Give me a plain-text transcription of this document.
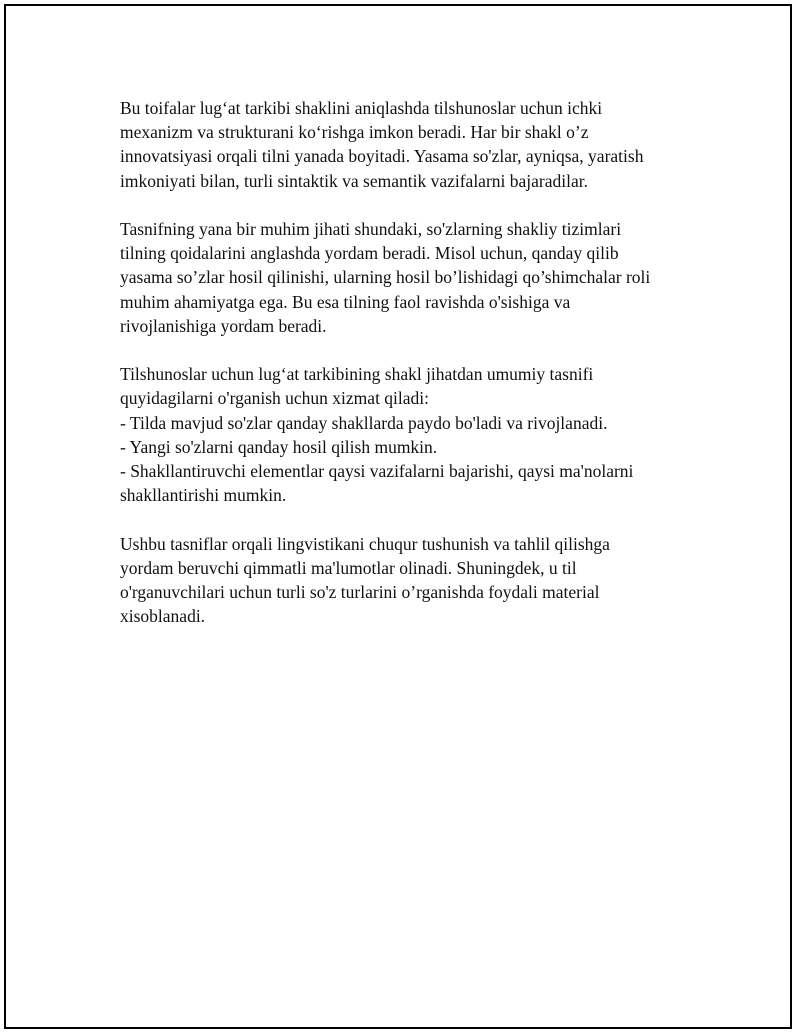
Bu toifalar lug‘at tarkibi shaklini aniqlashda tilshunoslar uchun ichki
mexanizm va strukturani ko‘rishga imkon beradi. Har bir shakl o’z
innovatsiyasi orqali tilni yanada boyitadi. Yasama so'zlar, ayniqsa, yaratish
imkoniyati bilan, turli sintaktik va semantik vazifalarni bajaradilar.

Tasnifning yana bir muhim jihati shundaki, so'zlarning shakliy tizimlari
tilning qoidalarini anglashda yordam beradi. Misol uchun, qanday qilib
yasama so’zlar hosil qilinishi, ularning hosil bo’lishidagi qo’shimchalar roli
muhim ahamiyatga ega. Bu esa tilning faol ravishda o'sishiga va
rivojlanishiga yordam beradi.

Tilshunoslar uchun lug‘at tarkibining shakl jihatdan umumiy tasnifi
quyidagilarni o'rganish uchun xizmat qiladi:
- Tilda mavjud so'zlar qanday shakllarda paydo bo'ladi va rivojlanadi.
- Yangi so'zlarni qanday hosil qilish mumkin.
- Shakllantiruvchi elementlar qaysi vazifalarni bajarishi, qaysi ma'nolarni
shakllantirishi mumkin.

Ushbu tasniflar orqali lingvistikani chuqur tushunish va tahlil qilishga
yordam beruvchi qimmatli ma'lumotlar olinadi. Shuningdek, u til
o'rganuvchilari uchun turli so'z turlarini o’rganishda foydali material
xisoblanadi.
